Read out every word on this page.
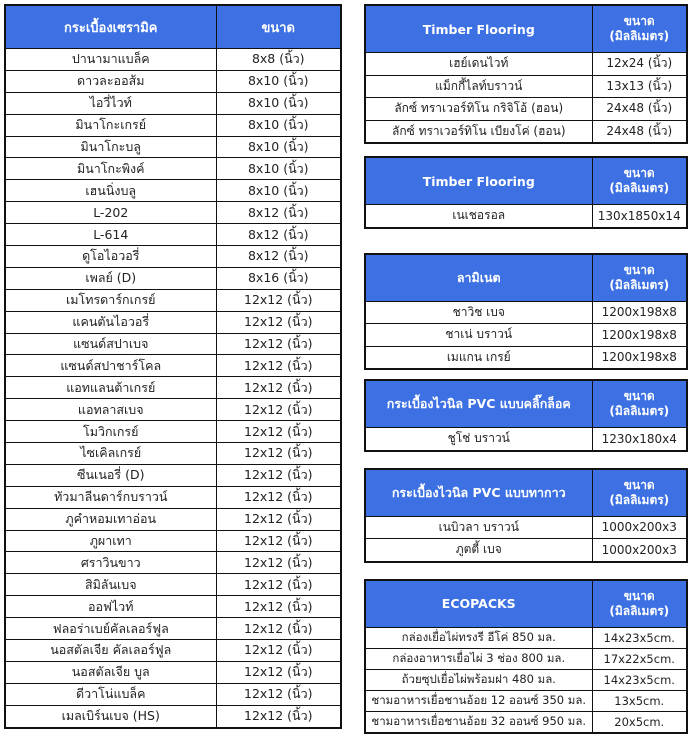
กระเบื้องเซรามิค	ขนาด

ปานามาแบล็ค	8x8 (นิ้ว)
ดาวละออส้ม	8x10 (นิ้ว)
ไอวี่ไวท์	8x10 (นิ้ว)
มินาโกะเกรย์	8x10 (นิ้ว)
มินาโกะบลู	8x10 (นิ้ว)
มินาโกะพิงค์	8x10 (นิ้ว)
เฮนนิ่งบลู	8x10 (นิ้ว)
L-202	8x12 (นิ้ว)
L-614	8x12 (นิ้ว)
ดูโอไอวอรี่	8x12 (นิ้ว)
เพลย์ (D)	8x16 (นิ้ว)
เมโทรดาร์กเกรย์	12x12 (นิ้ว)
แคนตันไอวอรี่	12x12 (นิ้ว)
แซนด์สปาเบจ	12x12 (นิ้ว)
แซนด์สปาชาร์โคล	12x12 (นิ้ว)
แอทแลนต้าเกรย์	12x12 (นิ้ว)
แอทลาสเบจ	12x12 (นิ้ว)
โมวิกเกรย์	12x12 (นิ้ว)
ไซเคิลเกรย์	12x12 (นิ้ว)
ซีนเนอรี่ (D)	12x12 (นิ้ว)
ทัวมาลีนดาร์กบราวน์	12x12 (นิ้ว)
ภูคำหอมเทาอ่อน	12x12 (นิ้ว)
ภูผาเทา	12x12 (นิ้ว)
ศราวินขาว	12x12 (นิ้ว)
สิมิลันเบจ	12x12 (นิ้ว)
ออฟไวท์	12x12 (นิ้ว)
ฟลอร่าเบย์คัลเลอร์ฟูล	12x12 (นิ้ว)
นอสตัลเจีย คัลเลอร์ฟูล	12x12 (นิ้ว)
นอสตัลเจีย บูล	12x12 (นิ้ว)
ดีวาโน่แบล็ค	12x12 (นิ้ว)
เมลเบิร์นเบจ (HS)	12x12 (นิ้ว)
Timber Flooring	ขนาด
(มิลลิเมตร)

เฮย์เดนไวท์	12x24 (นิ้ว)
แม็กกี้ไลท์บราวน์	13x13 (นิ้ว)
ลักซ์ ทราเวอร์ทิโน กริจิโอ้ (ฮอน)	24x48 (นิ้ว)
ลักซ์ ทราเวอร์ทิโน เบียงโค่ (ฮอน)	24x48 (นิ้ว)
Timber Flooring	ขนาด
(มิลลิเมตร)

เนเชอรอล	130x1850x14
ลามิเนต	ขนาด
(มิลลิเมตร)

ชาวิช เบจ	1200x198x8
ชาเน่ บราวน์	1200x198x8
เมแกน เกรย์	1200x198x8
กระเบื้องไวนิล PVC แบบคลิ๊กล็อค	ขนาด
(มิลลิเมตร)

ชูโช่ บราวน์	1230x180x4
กระเบื้องไวนิล PVC แบบทากาว	ขนาด
(มิลลิเมตร)

เนบิวลา บราวน์	1000x200x3
ภูตตี้ เบจ	1000x200x3
ECOPACKS	ขนาด
(มิลลิเมตร)

กล่องเยื่อไผ่ทรงรี อีโค่ 850 มล.	14x23x5cm.
กล่องอาหารเยื่อไผ่ 3 ช่อง 800 มล.	17x22x5cm.
ถ้วยซุปเยื่อไผ่พร้อมฝา 480 มล.	14x23x5cm.
ชามอาหารเยื่อชานอ้อย 12 ออนซ์ 350 มล.	13x5cm.
ชามอาหารเยื่อชานอ้อย 32 ออนซ์ 950 มล.	20x5cm.
